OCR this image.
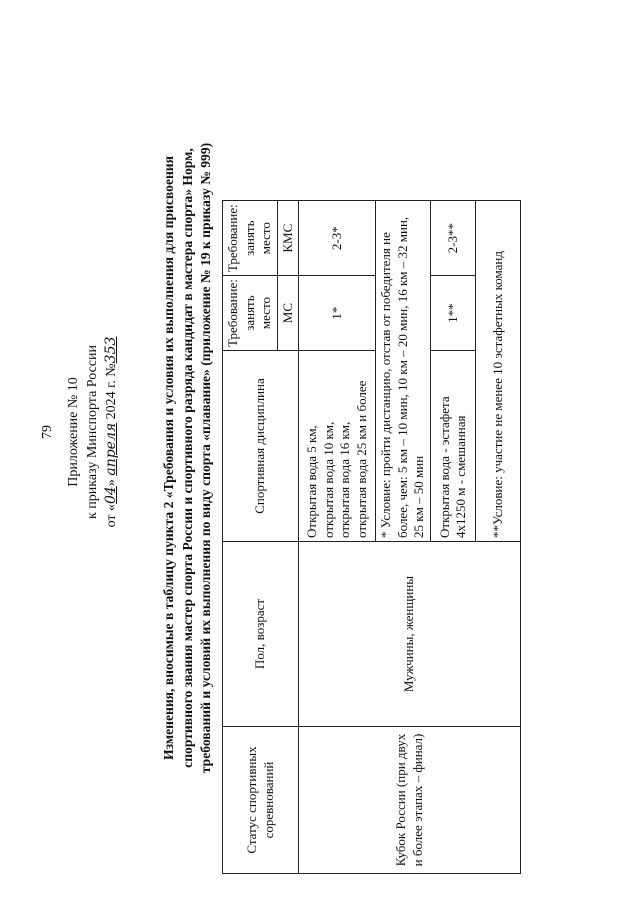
79 Приложение № 10 к приказу Минспорта России от «04» апреля 2024 г. №353	Изменения, вносимые в таблицу пункта 2 «Требования и условия их выполнения для присвоения спортивного звания мастер спорта России и спортивного разряда кандидат в мастера спорта» Норм, требований и условий их выполнения по виду спорта «плавание» (приложение № 19 к приказу № 999)
Статус спортивных соревнований	Пол, возраст	Спортивная дисциплина	Требование: занять место	Требование: занять место
			МС	КМС
Кубок России (при двух и более этапах – финал)	Мужчины, женщины	Открытая вода 5 км, открытая вода 10 км, открытая вода 16 км, открытая вода 25 км и более	1*	2-3*
		* Условие: пройти дистанцию, отстав от победителя не более, чем: 5 км – 10 мин, 10 км – 20 мин, 16 км – 32 мин, 25 км – 50 мин		

		Открытая вода - эстафета 4х1250 м - смешанная	1**	2-3**
		**Условие: участие не менее 10 эстафетных команд		
